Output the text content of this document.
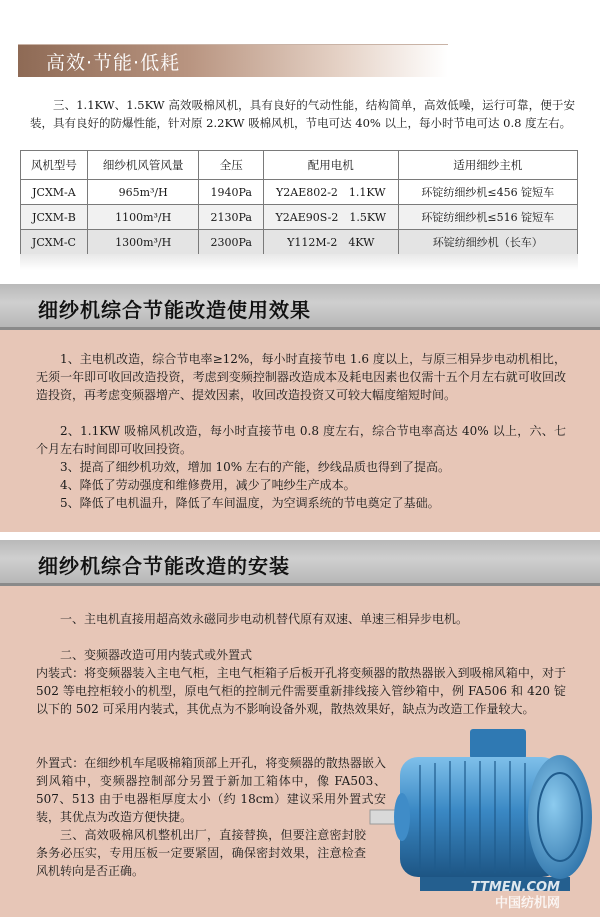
高效·节能·低耗
三、1.1KW、1.5KW 高效吸棉风机，具有良好的气动性能，结构简单，高效低噪，运行可靠，便于安装，具有良好的防爆性能，针对原 2.2KW 吸棉风机，节电可达 40% 以上，每小时节电可达 0.8 度左右。
风机型号	细纱机风管风量	全压	配用电机	适用细纱主机
JCXM-A	965m³/H	1940Pa	Y2AE802-2　1.1KW	环锭纺细纱机≤456 锭短车
JCXM-B	1100m³/H	2130Pa	Y2AE90S-2　1.5KW	环锭纺细纱机≤516 锭短车
JCXM-C	1300m³/H	2300Pa	Y112M-2　4KW	环锭纺细纱机（长车）
细纱机综合节能改造使用效果
1、主电机改造，综合节电率≥12%，每小时直接节电 1.6 度以上，与原三相异步电动机相比，无须一年即可收回改造投资，考虑到变频控制器改造成本及耗电因素也仅需十五个月左右就可收回改造投资，再考虑变频器增产、提效因素，收回改造投资又可较大幅度缩短时间。
2、1.1KW 吸棉风机改造，每小时直接节电 0.8 度左右，综合节电率高达 40% 以上，六、七个月左右时间即可收回投资。
3、提高了细纱机功效，增加 10% 左右的产能，纱线品质也得到了提高。
4、降低了劳动强度和维修费用，减少了吨纱生产成本。
5、降低了电机温升，降低了车间温度，为空调系统的节电奠定了基础。
细纱机综合节能改造的安装
一、主电机直接用超高效永磁同步电动机替代原有双速、单速三相异步电机。
二、变频器改造可用内装式或外置式
内装式：将变频器装入主电气柜，主电气柜箱子后板开孔将变频器的散热器嵌入到吸棉风箱中，对于 502 等电控柜较小的机型，原电气柜的控制元件需要重新排线接入管纱箱中，例 FA506 和 420 锭以下的 502 可采用内装式，其优点为不影响设备外观，散热效果好，缺点为改造工作量较大。
外置式：在细纱机车尾吸棉箱顶部上开孔，将变频器的散热器嵌入到风箱中，变频器控制部分另置于新加工箱体中，像 FA503、507、513 由于电器柜厚度太小（约 18cm）建议采用外置式安装，其优点为改造方便快捷。
三、高效吸棉风机整机出厂，直接替换，但要注意密封胶条务必压实，专用压板一定要紧固，确保密封效果，注意检查风机转向是否正确。
TTMEN.COM
中国纺机网
